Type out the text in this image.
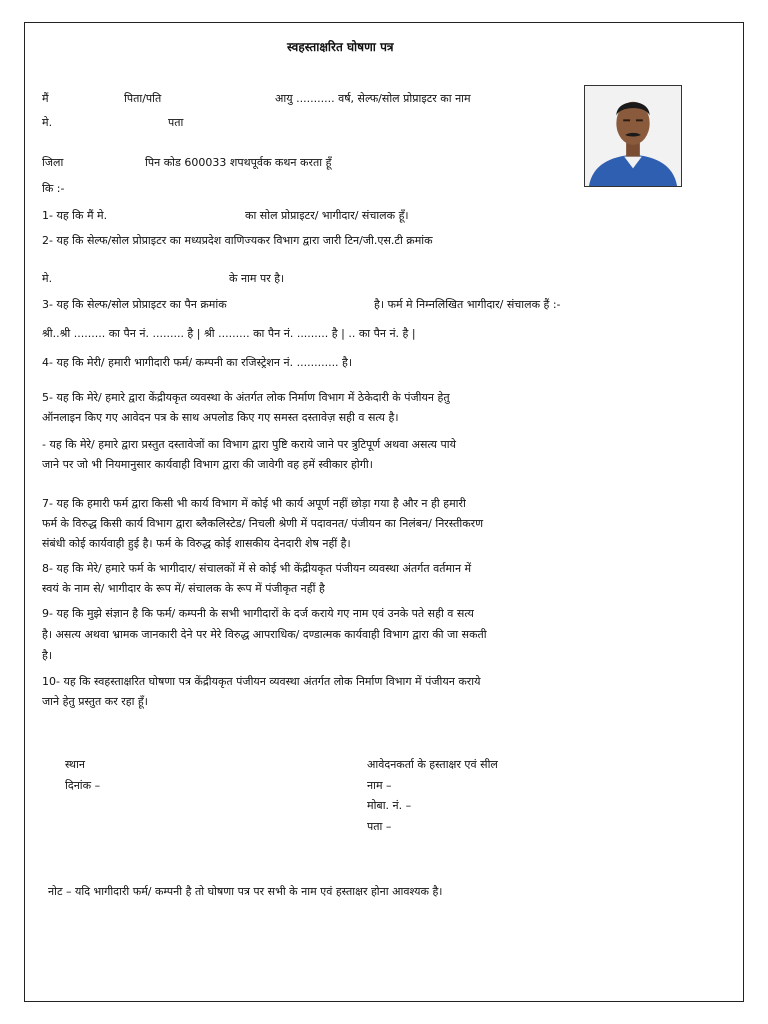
स्वहस्ताक्षरित घोषणा पत्र
मैं	पिता/पति	आयु ........... वर्ष, सेल्फ/सोल प्रोप्राइटर का नाम
मे.	पता
जिला	पिन कोड 600033 शपथपूर्वक कथन करता हूँ
कि :-
1- यह कि मैं मे.	का सोल प्रोप्राइटर/ भागीदार/ संचालक हूँ।
2- यह कि सेल्फ/सोल प्रोप्राइटर का मध्यप्रदेश वाणिज्यकर विभाग द्वारा जारी टिन/जी.एस.टी क्रमांक
मे.	के नाम पर है।
3- यह कि सेल्फ/सोल प्रोप्राइटर का पैन क्रमांक	है। फर्म मे निम्नलिखित भागीदार/ संचालक हैं :-
श्री..श्री ......... का पैन नं. ......... है | श्री ......... का पैन नं. ......... है | .. का पैन नं. है |
4- यह कि मेरी/ हमारी भागीदारी फर्म/ कम्पनी का रजिस्ट्रेशन नं. ............ है।
5- यह कि मेरे/ हमारे द्वारा केंद्रीयकृत व्यवस्था के अंतर्गत लोक निर्माण विभाग में ठेकेदारी के पंजीयन हेतु
ऑनलाइन किए गए आवेदन पत्र के साथ अपलोड किए गए समस्त दस्तावेज़ सही व सत्य है।
- यह कि मेरे/ हमारे द्वारा प्रस्तुत दस्तावेजों का विभाग द्वारा पुष्टि कराये जाने पर त्रुटिपूर्ण अथवा असत्य पाये
जाने पर जो भी नियमानुसार कार्यवाही विभाग द्वारा की जावेगी वह हमें स्वीकार होगी।
7- यह कि हमारी फर्म द्वारा किसी भी कार्य विभाग में कोई भी कार्य अपूर्ण नहीं छोड़ा गया है और न ही हमारी
फर्म के विरुद्ध किसी कार्य विभाग द्वारा ब्लैकलिस्टेड/ निचली श्रेणी में पदावनत/ पंजीयन का निलंबन/ निरस्तीकरण
संबंधी कोई कार्यवाही हुई है। फर्म के विरुद्ध कोई शासकीय देनदारी शेष नहीं है।
8- यह कि मेरे/ हमारे फर्म के भागीदार/ संचालकों में से कोई भी केंद्रीयकृत पंजीयन व्यवस्था अंतर्गत वर्तमान में
स्वयं के नाम से/ भागीदार के रूप में/ संचालक के रूप में पंजीकृत नहीं है
9- यह कि मुझे संज्ञान है कि फर्म/ कम्पनी के सभी भागीदारों के दर्ज कराये गए नाम एवं उनके पते सही व सत्य
है। असत्य अथवा भ्रामक जानकारी देने पर मेरे विरुद्ध आपराधिक/ दण्डात्मक कार्यवाही विभाग द्वारा की जा सकती
है।
10- यह कि स्वहस्ताक्षरित घोषणा पत्र केंद्रीयकृत पंजीयन व्यवस्था अंतर्गत लोक निर्माण विभाग में पंजीयन कराये
जाने हेतु प्रस्तुत कर रहा हूँ।
स्थान
दिनांक –
आवेदनकर्ता के हस्ताक्षर एवं सील
नाम –
मोबा. नं. –
पता –
नोट – यदि भागीदारी फर्म/ कम्पनी है तो घोषणा पत्र पर सभी के नाम एवं हस्ताक्षर होना आवश्यक है।
